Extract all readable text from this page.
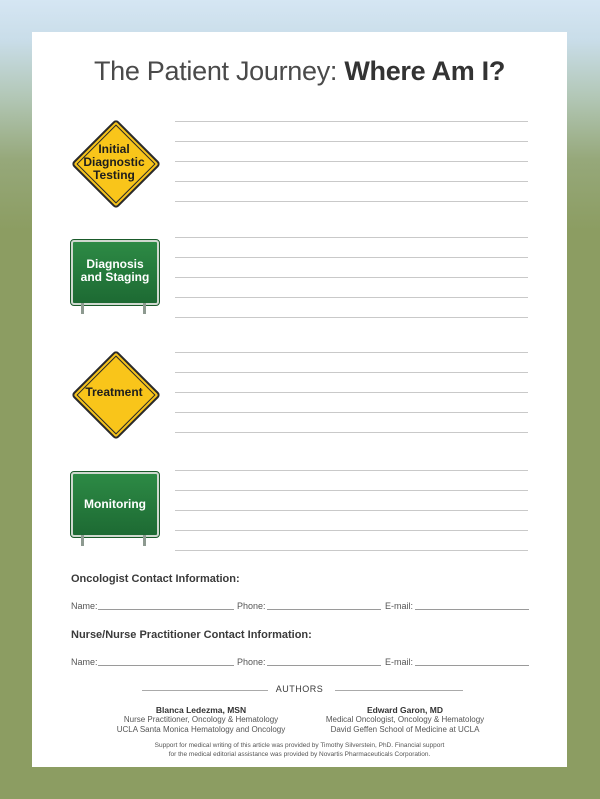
The Patient Journey: Where Am I?
Initial
Diagnostic
Testing
Diagnosis
and Staging
Treatment
Monitoring
Oncologist Contact Information:
Name:	Phone:	E-mail:
Nurse/Nurse Practitioner Contact Information:
Name:	Phone:	E-mail:
AUTHORS
Blanca Ledezma, MSN
Nurse Practitioner, Oncology & Hematology
UCLA Santa Monica Hematology and Oncology
Edward Garon, MD
Medical Oncologist, Oncology & Hematology
David Geffen School of Medicine at UCLA
Support for medical writing of this article was provided by Timothy Silverstein, PhD. Financial support
for the medical editorial assistance was provided by Novartis Pharmaceuticals Corporation.
